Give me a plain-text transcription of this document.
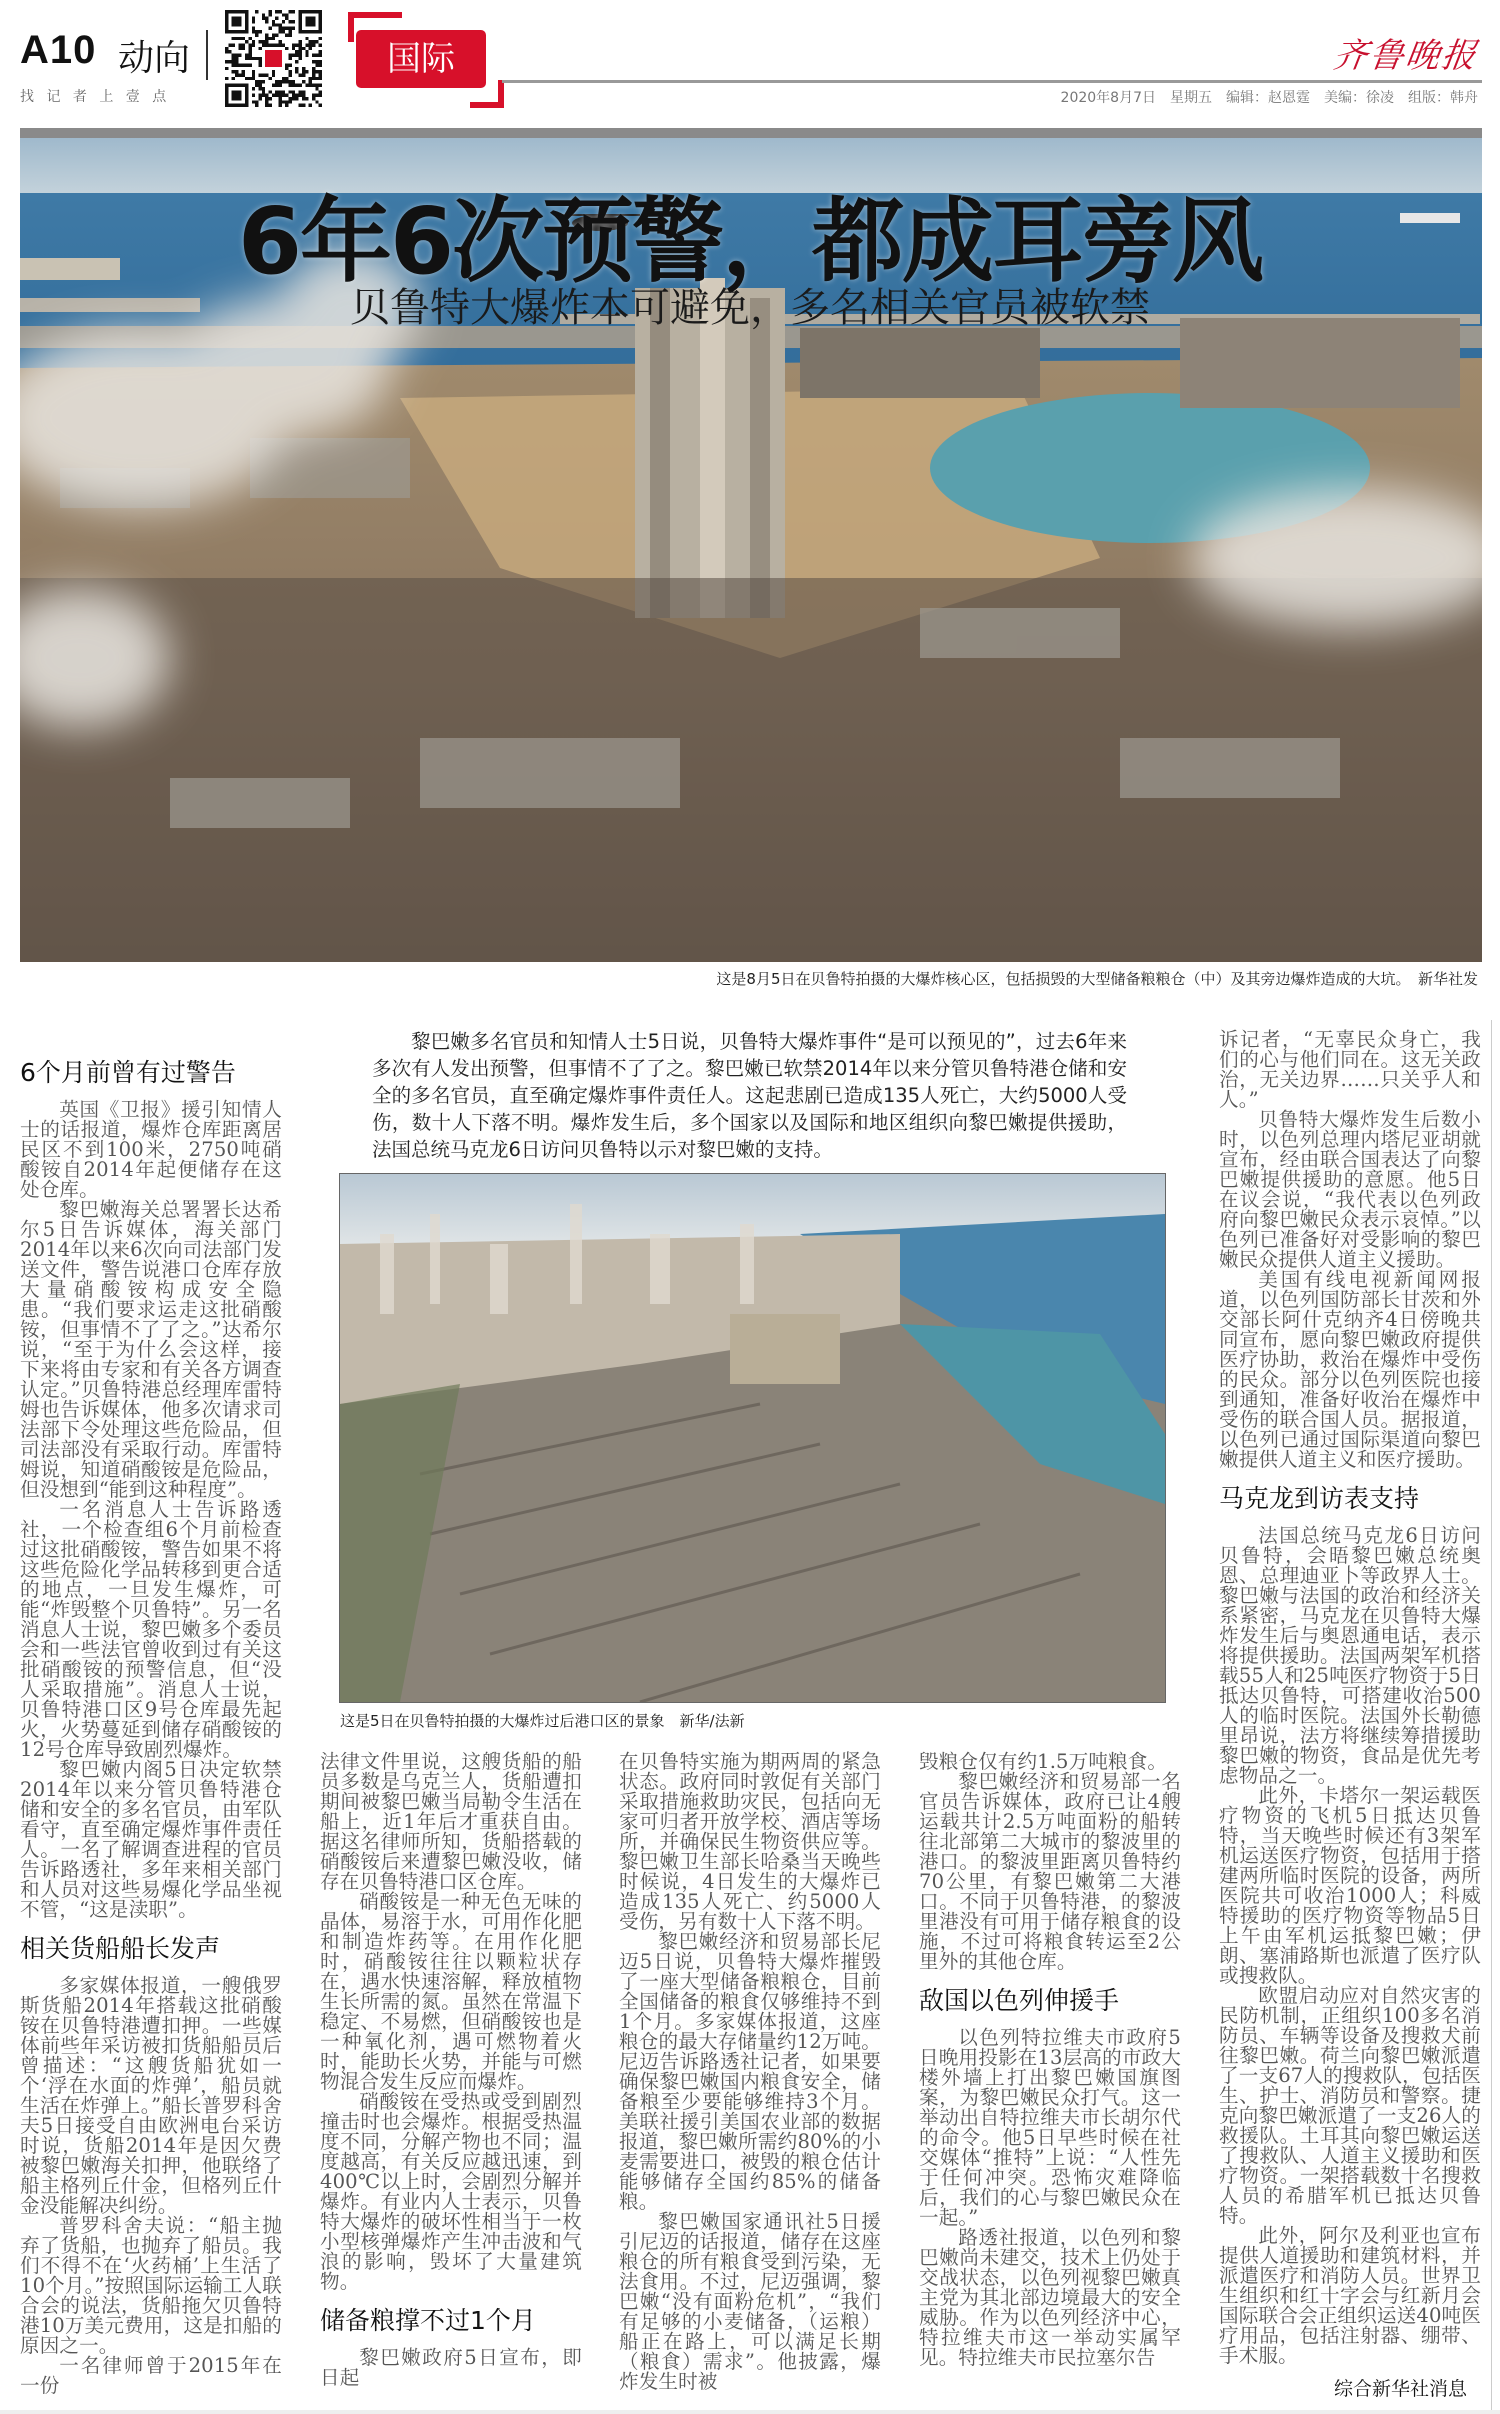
A10 动向
找 记 者 上 壹 点
国际	齐鲁晚报
2020年8月7日　星期五　编辑：赵恩霆　美编：徐凌　组版：韩舟
6年6次预警，都成耳旁风
贝鲁特大爆炸本可避免，多名相关官员被软禁
这是8月5日在贝鲁特拍摄的大爆炸核心区，包括损毁的大型储备粮粮仓（中）及其旁边爆炸造成的大坑。　新华社发
黎巴嫩多名官员和知情人士5日说，贝鲁特大爆炸事件“是可以预见的”，过去6年来多次有人发出预警，但事情不了了之。黎巴嫩已软禁2014年以来分管贝鲁特港仓储和安全的多名官员，直至确定爆炸事件责任人。这起悲剧已造成135人死亡，大约5000人受伤，数十人下落不明。爆炸发生后，多个国家以及国际和地区组织向黎巴嫩提供援助，法国总统马克龙6日访问贝鲁特以示对黎巴嫩的支持。
这是5日在贝鲁特拍摄的大爆炸过后港口区的景象　新华/法新
6个月前曾有过警告

英国《卫报》援引知情人士的话报道，爆炸仓库距离居民区不到100米，2750吨硝酸铵自2014年起便储存在这处仓库。

黎巴嫩海关总署署长达希尔5日告诉媒体，海关部门2014年以来6次向司法部门发送文件，警告说港口仓库存放大量硝酸铵构成安全隐患。“我们要求运走这批硝酸铵，但事情不了了之。”达希尔说，“至于为什么会这样，接下来将由专家和有关各方调查认定。”贝鲁特港总经理库雷特姆也告诉媒体，他多次请求司法部下令处理这些危险品，但司法部没有采取行动。库雷特姆说，知道硝酸铵是危险品，但没想到“能到这种程度”。

一名消息人士告诉路透社，一个检查组6个月前检查过这批硝酸铵，警告如果不将这些危险化学品转移到更合适的地点，一旦发生爆炸，可能“炸毁整个贝鲁特”。另一名消息人士说，黎巴嫩多个委员会和一些法官曾收到过有关这批硝酸铵的预警信息，但“没人采取措施”。消息人士说，贝鲁特港口区9号仓库最先起火，火势蔓延到储存硝酸铵的12号仓库导致剧烈爆炸。

黎巴嫩内阁5日决定软禁2014年以来分管贝鲁特港仓储和安全的多名官员，由军队看守，直至确定爆炸事件责任人。一名了解调查进程的官员告诉路透社，多年来相关部门和人员对这些易爆化学品坐视不管，“这是渎职”。

相关货船船长发声

多家媒体报道，一艘俄罗斯货船2014年搭载这批硝酸铵在贝鲁特港遭扣押。一些媒体前些年采访被扣货船船员后曾描述：“这艘货船犹如一个‘浮在水面的炸弹’，船员就生活在炸弹上。”船长普罗科舍夫5日接受自由欧洲电台采访时说，货船2014年是因欠费被黎巴嫩海关扣押，他联络了船主格列丘什金，但格列丘什金没能解决纠纷。

普罗科舍夫说：“船主抛弃了货船，也抛弃了船员。我们不得不在‘火药桶’上生活了10个月。”按照国际运输工人联合会的说法，货船拖欠贝鲁特港10万美元费用，这是扣船的原因之一。

一名律师曾于2015年在一份

法律文件里说，这艘货船的船员多数是乌克兰人，货船遭扣期间被黎巴嫩当局勒令生活在船上，近1年后才重获自由。据这名律师所知，货船搭载的硝酸铵后来遭黎巴嫩没收，储存在贝鲁特港口区仓库。

硝酸铵是一种无色无味的晶体，易溶于水，可用作化肥和制造炸药等。在用作化肥时，硝酸铵往往以颗粒状存在，遇水快速溶解，释放植物生长所需的氮。虽然在常温下稳定、不易燃，但硝酸铵也是一种氧化剂，遇可燃物着火时，能助长火势，并能与可燃物混合发生反应而爆炸。

硝酸铵在受热或受到剧烈撞击时也会爆炸。根据受热温度不同，分解产物也不同；温度越高，有关反应越迅速，到400℃以上时，会剧烈分解并爆炸。有业内人士表示，贝鲁特大爆炸的破坏性相当于一枚小型核弹爆炸产生冲击波和气浪的影响，毁坏了大量建筑物。

储备粮撑不过1个月

黎巴嫩政府5日宣布，即日起

在贝鲁特实施为期两周的紧急状态。政府同时敦促有关部门采取措施救助灾民，包括向无家可归者开放学校、酒店等场所，并确保民生物资供应等。黎巴嫩卫生部长哈桑当天晚些时候说，4日发生的大爆炸已造成135人死亡、约5000人受伤，另有数十人下落不明。

黎巴嫩经济和贸易部长尼迈5日说，贝鲁特大爆炸摧毁了一座大型储备粮粮仓，目前全国储备的粮食仅够维持不到1个月。多家媒体报道，这座粮仓的最大存储量约12万吨。尼迈告诉路透社记者，如果要确保黎巴嫩国内粮食安全，储备粮至少要能够维持3个月。美联社援引美国农业部的数据报道，黎巴嫩所需约80%的小麦需要进口，被毁的粮仓估计能够储存全国约85%的储备粮。

黎巴嫩国家通讯社5日援引尼迈的话报道，储存在这座粮仓的所有粮食受到污染，无法食用。不过，尼迈强调，黎巴嫩“没有面粉危机”，“我们有足够的小麦储备，（运粮）船正在路上，可以满足长期（粮食）需求”。他披露，爆炸发生时被

毁粮仓仅有约1.5万吨粮食。

黎巴嫩经济和贸易部一名官员告诉媒体，政府已让4艘运载共计2.5万吨面粉的船转往北部第二大城市的黎波里的港口。的黎波里距离贝鲁特约70公里，有黎巴嫩第二大港口。不同于贝鲁特港，的黎波里港没有可用于储存粮食的设施，不过可将粮食转运至2公里外的其他仓库。

敌国以色列伸援手

以色列特拉维夫市政府5日晚用投影在13层高的市政大楼外墙上打出黎巴嫩国旗图案，为黎巴嫩民众打气。这一举动出自特拉维夫市长胡尔代的命令。他5日早些时候在社交媒体“推特”上说：“人性先于任何冲突。恐怖灾难降临后，我们的心与黎巴嫩民众在一起。”

路透社报道，以色列和黎巴嫩尚未建交，技术上仍处于交战状态，以色列视黎巴嫩真主党为其北部边境最大的安全威胁。作为以色列经济中心，特拉维夫市这一举动实属罕见。特拉维夫市民拉塞尔告

诉记者，“无辜民众身亡，我们的心与他们同在。这无关政治，无关边界……只关乎人和人。”

贝鲁特大爆炸发生后数小时，以色列总理内塔尼亚胡就宣布，经由联合国表达了向黎巴嫩提供援助的意愿。他5日在议会说，“我代表以色列政府向黎巴嫩民众表示哀悼。”以色列已准备好对受影响的黎巴嫩民众提供人道主义援助。

美国有线电视新闻网报道，以色列国防部长甘茨和外交部长阿什克纳齐4日傍晚共同宣布，愿向黎巴嫩政府提供医疗协助，救治在爆炸中受伤的民众。部分以色列医院也接到通知，准备好收治在爆炸中受伤的联合国人员。据报道，以色列已通过国际渠道向黎巴嫩提供人道主义和医疗援助。

马克龙到访表支持

法国总统马克龙6日访问贝鲁特，会晤黎巴嫩总统奥恩、总理迪亚卜等政界人士。黎巴嫩与法国的政治和经济关系紧密，马克龙在贝鲁特大爆炸发生后与奥恩通电话，表示将提供援助。法国两架军机搭载55人和25吨医疗物资于5日抵达贝鲁特，可搭建收治500人的临时医院。法国外长勒德里昂说，法方将继续筹措援助黎巴嫩的物资，食品是优先考虑物品之一。

此外，卡塔尔一架运载医疗物资的飞机5日抵达贝鲁特，当天晚些时候还有3架军机运送医疗物资，包括用于搭建两所临时医院的设备，两所医院共可收治1000人；科威特援助的医疗物资等物品5日上午由军机运抵黎巴嫩；伊朗、塞浦路斯也派遣了医疗队或搜救队。

欧盟启动应对自然灾害的民防机制，正组织100多名消防员、车辆等设备及搜救犬前往黎巴嫩。荷兰向黎巴嫩派遣了一支67人的搜救队，包括医生、护士、消防员和警察。捷克向黎巴嫩派遣了一支26人的救援队。土耳其向黎巴嫩运送了搜救队、人道主义援助和医疗物资。一架搭载数十名搜救人员的希腊军机已抵达贝鲁特。

此外，阿尔及利亚也宣布提供人道援助和建筑材料，并派遣医疗和消防人员。世界卫生组织和红十字会与红新月会国际联合会正组织运送40吨医疗用品，包括注射器、绷带、手术服。

综合新华社消息
